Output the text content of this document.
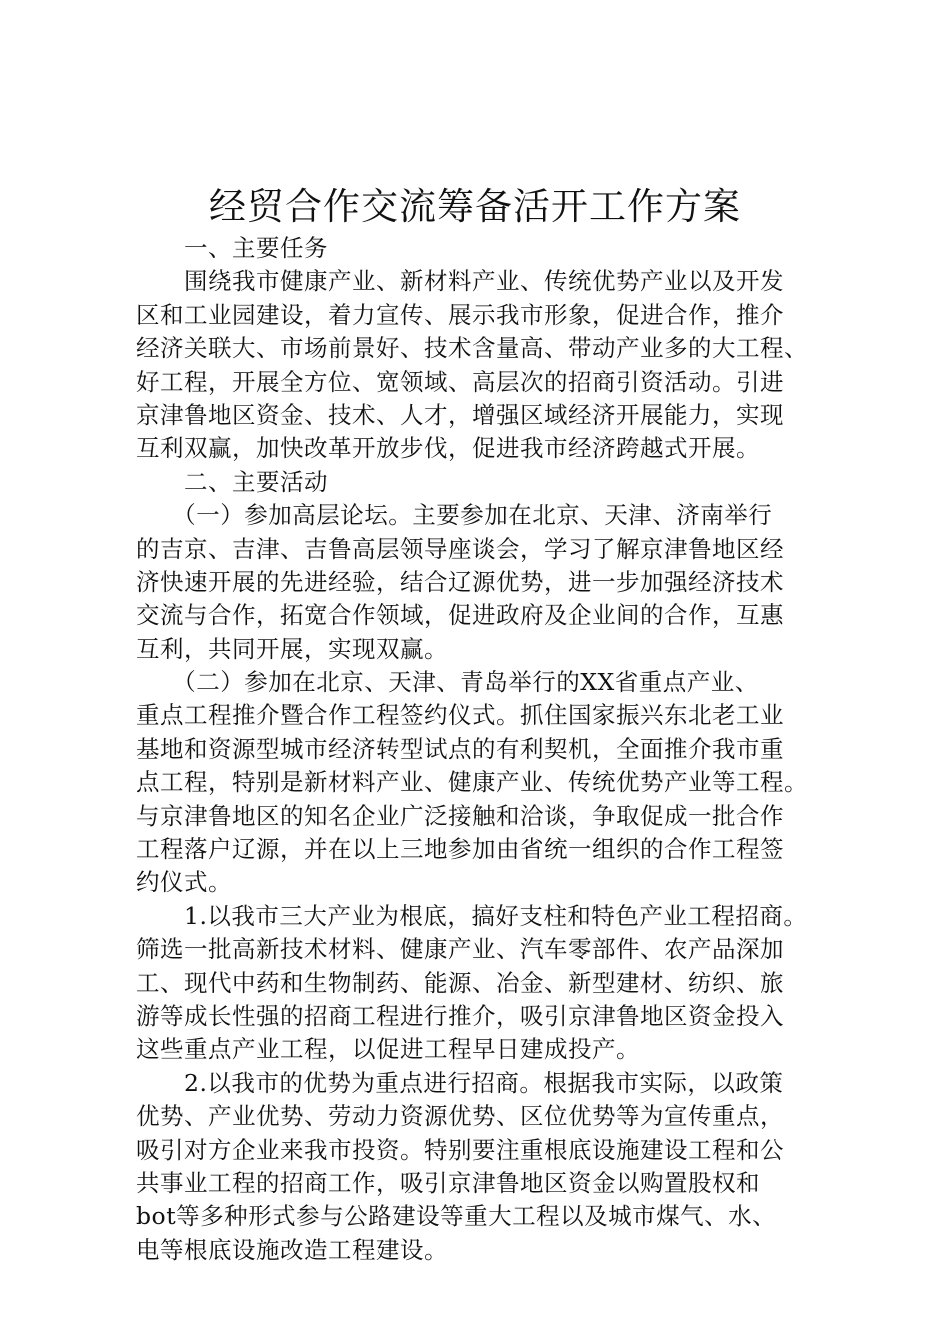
经贸合作交流筹备活开工作方案
　　一、主要任务
　　围绕我市健康产业、新材料产业、传统优势产业以及开发
区和工业园建设，着力宣传、展示我市形象，促进合作，推介
经济关联大、市场前景好、技术含量高、带动产业多的大工程、
好工程，开展全方位、宽领域、高层次的招商引资活动。引进
京津鲁地区资金、技术、人才，增强区域经济开展能力，实现
互利双赢，加快改革开放步伐，促进我市经济跨越式开展。
　　二、主要活动
　　（一）参加高层论坛。主要参加在北京、天津、济南举行
的吉京、吉津、吉鲁高层领导座谈会，学习了解京津鲁地区经
济快速开展的先进经验，结合辽源优势，进一步加强经济技术
交流与合作，拓宽合作领域，促进政府及企业间的合作，互惠
互利，共同开展，实现双赢。
　　（二）参加在北京、天津、青岛举行的XX省重点产业、
重点工程推介暨合作工程签约仪式。抓住国家振兴东北老工业
基地和资源型城市经济转型试点的有利契机，全面推介我市重
点工程，特别是新材料产业、健康产业、传统优势产业等工程。
与京津鲁地区的知名企业广泛接触和洽谈，争取促成一批合作
工程落户辽源，并在以上三地参加由省统一组织的合作工程签
约仪式。
　　1.以我市三大产业为根底，搞好支柱和特色产业工程招商。
筛选一批高新技术材料、健康产业、汽车零部件、农产品深加
工、现代中药和生物制药、能源、冶金、新型建材、纺织、旅
游等成长性强的招商工程进行推介，吸引京津鲁地区资金投入
这些重点产业工程，以促进工程早日建成投产。
　　2.以我市的优势为重点进行招商。根据我市实际，以政策
优势、产业优势、劳动力资源优势、区位优势等为宣传重点，
吸引对方企业来我市投资。特别要注重根底设施建设工程和公
共事业工程的招商工作，吸引京津鲁地区资金以购置股权和
bot等多种形式参与公路建设等重大工程以及城市煤气、水、
电等根底设施改造工程建设。
